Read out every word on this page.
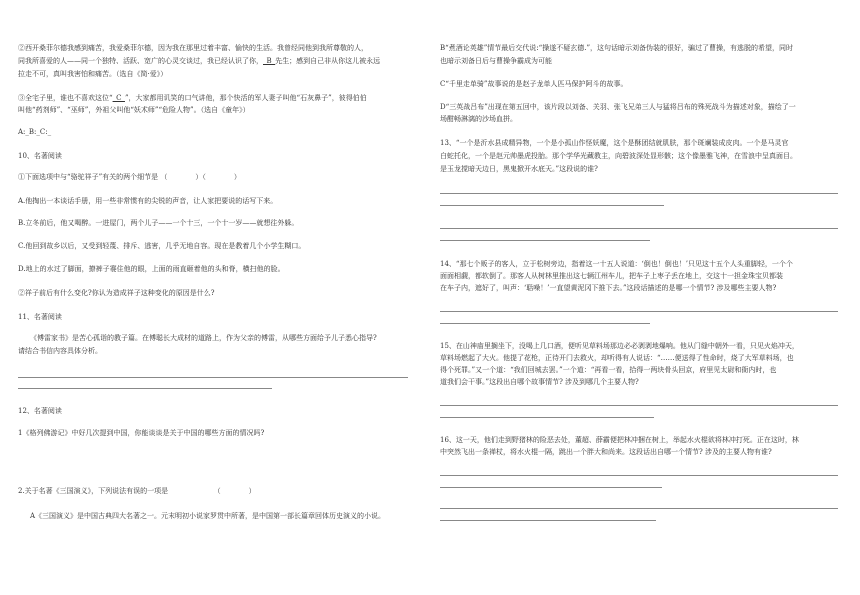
②西开桑菲尔德我感到痛苦，我爱桑菲尔德，因为我在那里过着丰富、愉快的生活。我曾经同他到我所尊敬的人，
同我所喜爱的人——同一个独特、活跃、宽广的心灵交谈过，我已经认识了你，_B_先生；感到自己非从你这儿被永远
拉走不可，真叫我害怕和痛苦。（选自《简·爱》）
③全宅子里，谁也不喜欢这位“_C_”，大家都用讥笑的口气讲他，那个快活的军人妻子叫他“石灰鼻子”，彼得伯伯
叫他“药剂师”、“巫师”，外祖父叫他“妖术师”“危险人物”。（选自《童年》）
A:_B:_C:_
10、名著阅读
①下面选项中与“骆驼祥子”有关的两个细节是 （　　　　）（　　　　）
A.他掏出一本谈话手册，用一些非常惯有的尖锐的声音，让人家把要说的话写下来。
B.立冬前后，他又喝醉。一进屋门，两个儿子——一个十三，一个十一岁——就想往外躲。
C.他回到故乡以后，又受到轻蔑、排斥、逃害，几乎无地自容。现在是教着几个小学生糊口。
D.地上的水过了脚面，撩裤子褰住他的眼，上面的雨直砸着他的头和脊，横扫他的脸。
②祥子前后有什么变化?你认为造成祥子这种变化的原因是什么?
11、名著阅读
《傅雷家书》是苦心孤诣的教子篇。在傅聪长大成材的道路上，作为父亲的傅雷，从哪些方面给予儿子悉心指导?
请结合书信内容具体分析。
12、名著阅读
1《格列佛游记》中好几次提到中国，你能谈谈是关于中国的哪些方面的情况吗?
2.关于名著《三国演义》，下列说法有误的一项是　　　　　　　（　　　　）
A《三国演义》是中国古典四大名著之一。元末明初小说家罗贯中所著，是中国第一部长篇章回体历史演义的小说。
B“煮酒论英雄”情节最后交代说:“操遂不疑玄德.”，这句话暗示刘备伪装的很好，骗过了曹操，有逃脱的希望，同时
也暗示刘备日后与曹操争霸成为可能
C“千里走单骑”故事说的是赵子龙单人匹马保护阿斗的故事。
D“三英战吕布”出现在第五回中，该片段以刘备、关羽、张飞兄弟三人与猛将吕布的殊死战斗为描述对象，描绘了一
场酣畅淋漓的沙场血拼。
13、“一个是沂水县成精异物，一个是小孤山作怪妖魔，这个是酥团结就肌肤，那个斑斓装成皮肉。一个是马灵官
白蛇托化，一个是赵元帅墨虎投胎。那个学华光藏教主，向碧波深处显形骸；这个像墨雅飞神，在雪浪中呈真面目。
是玉龙搅暗天边日，黑鬼掀开水底天。”这段说的谁?
14、“那七个贩子的客人，立于松树旁边，指着这一十五人说道：‘倒也！倒也！’只见这十五个人头重脚轻，一个个
面面相觑，都软倒了。那客人从树林里推出这七辆江州车儿，把车子上枣子丢在地上，交这十一担金珠宝贝都装
在车子内，遮好了，叫声：‘聒噪！’一直望黄泥冈下推下去。”这段话描述的是哪一个情节? 涉及哪些主要人物?
15、在山神庙里搁坐下，没喝上几口酒，便听见草料场那边必必剥剥地爆响。他从门缝中朝外一看，只见火焰冲天，
草料场燃起了大火。他提了花枪，正待开门去救火，却听得有人说话：“……便送得了性命时，烧了大军草料场，也
得个死罪。”又一个道：“我们回城去罢。”一个道：“再看一看，拾得一两块骨头回京，府里见太尉和衙内时，也
道我们会干事。”这段出自哪个故事情节? 涉及到哪几个主要人物?
16、这一天，他们走到野猪林的险恶去处，董超、薛霸便把林冲捆在树上，举起水火棍欲将林冲打死。正在这时，林
中突然飞出一条禅杖，将水火棍一隔，跳出一个胖大和尚来。这段话出自哪一个情节? 涉及的主要人物有谁?
